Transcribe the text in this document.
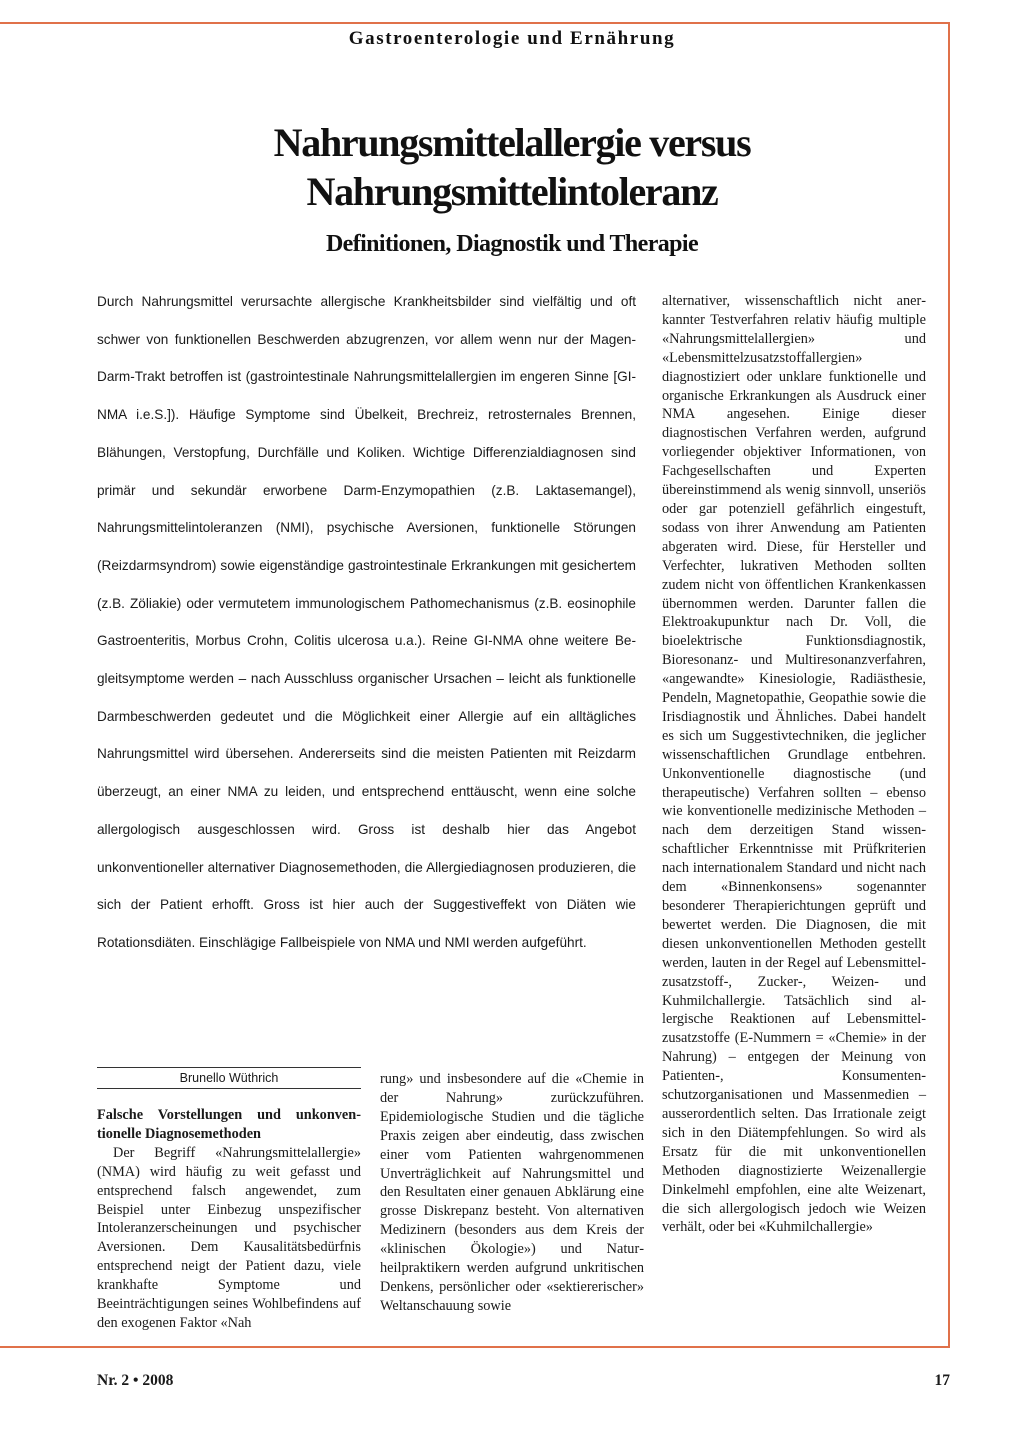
Gastroenterologie und Ernährung
Nahrungsmittelallergie versus
Nahrungsmittelintoleranz
Definitionen, Diagnostik und Therapie
Durch Nahrungsmittel verursachte allergische Krankheitsbilder sind vielfältig und oft schwer von funktionellen Beschwerden abzugrenzen, vor allem wenn nur der Magen-Darm-Trakt betroffen ist (gastrointestinale Nahrungsmittelallergien im engeren Sinne [GI-NMA i.e.S.]). Häufige Symptome sind Übelkeit, Brechreiz, retrosternales Brennen, Blähungen, Verstopfung, Durchfälle und Koliken. Wichtige Differenzialdiagnosen sind primär und sekundär erworbene Darm-Enzymopathien (z.B. Laktasemangel), Nahrungsmittelintoleranzen (NMI), psychische Aversionen, funktionelle Störungen (Reizdarmsyndrom) sowie eigenständige gastrointestinale Erkrankungen mit gesichertem (z.B. Zöliakie) oder vermutetem immunologischem Pathomechanismus (z.B. eosinophile Gastroenteritis, Morbus Crohn, Colitis ulcerosa u.a.). Reine GI-NMA ohne weitere Begleitsymptome werden – nach Ausschluss organischer Ursachen – leicht als funktionelle Darmbeschwerden gedeutet und die Möglichkeit einer Allergie auf ein alltägliches Nahrungsmittel wird übersehen. Andererseits sind die meisten Patienten mit Reizdarm überzeugt, an einer NMA zu leiden, und entsprechend enttäuscht, wenn eine solche allergologisch ausgeschlossen wird. Gross ist deshalb hier das Angebot unkonventioneller alternativer Diagnosemethoden, die Allergiediagnosen produzieren, die sich der Patient erhofft. Gross ist hier auch der Suggestiveffekt von Diäten wie Rotationsdiäten. Einschlägige Fallbeispiele von NMA und NMI werden aufgeführt.

alternativer, wissenschaftlich nicht anerkannter Testverfahren relativ häufig multiple «Nahrungsmittelallergien» und «Lebensmittelzusatzstoffallergien» diagnostiziert oder unklare funktionelle und organische Erkrankungen als Ausdruck einer NMA angesehen. Einige dieser diagnostischen Verfahren werden, aufgrund vorliegender objektiver Informationen, von Fachgesellschaften und Experten übereinstimmend als wenig sinnvoll, unseriös oder gar potenziell gefährlich eingestuft, sodass von ihrer Anwendung am Patienten abgeraten wird. Diese, für Hersteller und Verfechter, lukrativen Methoden sollten zudem nicht von öffentlichen Krankenkassen übernommen werden. Darunter fallen die Elektroakupunktur nach Dr. Voll, die bioelektrische Funktionsdiagnostik, Bioresonanz- und Multiresonanzverfahren, «angewandte» Kinesiologie, Radiästhesie, Pendeln, Magnetopathie, Geopathie sowie die Irisdiagnostik und Ähnliches. Dabei handelt es sich um Suggestivtechniken, die jeglicher wissenschaftlichen Grundlage entbehren. Unkonventionelle diagnostische (und therapeutische) Verfahren sollten – ebenso wie konventionelle medizinische Methoden – nach dem derzeitigen Stand wissenschaftlicher Erkenntnisse mit Prüfkriterien nach internationalem Standard und nicht nach dem «Binnenkonsens» sogenannter besonderer Therapierichtungen geprüft und bewertet werden. Die Diagnosen, die mit diesen unkonventionellen Methoden gestellt werden, lauten in der Regel auf Lebensmittelzusatzstoff-, Zucker-, Weizen- und Kuhmilchallergie. Tatsächlich sind allergische Reaktionen auf Lebensmittelzusatzstoffe (E-Nummern = «Chemie» in der Nahrung) – entgegen der Meinung von Patienten-, Konsumentenschutzorganisationen und Massenmedien – ausserordentlich selten. Das Irrationale zeigt sich in den Diätempfehlungen. So wird als Ersatz für die mit unkonventionellen Methoden diagnostizierte Weizenallergie Dinkelmehl empfohlen, eine alte Weizenart, die sich allergologisch jedoch wie Weizen verhält, oder bei «Kuhmilchallergie»

Brunello Wüthrich

Falsche Vorstellungen und unkonventionelle Diagnosemethoden

Der Begriff «Nahrungsmittelallergie» (NMA) wird häufig zu weit gefasst und entsprechend falsch angewendet, zum Beispiel unter Einbezug unspezifischer Intoleranzerscheinungen und psychischer Aversionen. Dem Kausalitätsbedürfnis entsprechend neigt der Patient dazu, viele krankhafte Symptome und Beeinträchtigungen seines Wohlbefindens auf den exogenen Faktor «Nah

rung» und insbesondere auf die «Chemie in der Nahrung» zurückzuführen. Epidemiologische Studien und die tägliche Praxis zeigen aber eindeutig, dass zwischen einer vom Patienten wahrgenommenen Unverträglichkeit auf Nahrungsmittel und den Resultaten einer genauen Abklärung eine grosse Diskrepanz besteht. Von alternativen Medizinern (besonders aus dem Kreis der «klinischen Ökologie») und Naturheilpraktikern werden aufgrund unkritischen Denkens, persönlicher oder «sektiererischer» Weltanschauung sowie

Nr. 2 • 2008	17
